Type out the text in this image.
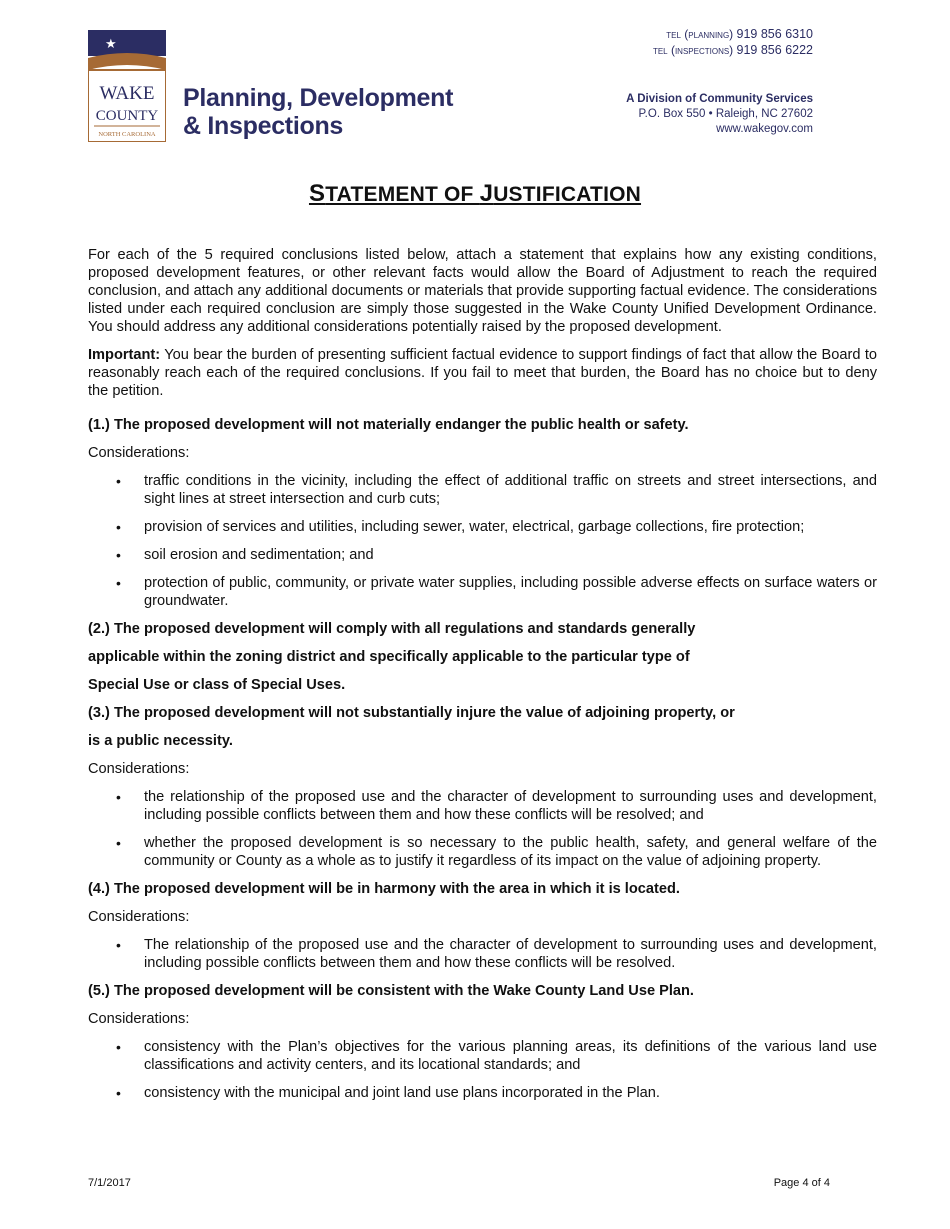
★
WAKE
COUNTY
NORTH CAROLINA
Planning, Development
& Inspections
tel (planning) 919 856 6310
tel (inspections) 919 856 6222
A Division of Community Services
P.O. Box 550 • Raleigh, NC 27602
www.wakegov.com
STATEMENT OF JUSTIFICATION

For each of the 5 required conclusions listed below, attach a statement that explains how any existing conditions, proposed development features, or other relevant facts would allow the Board of Adjustment to reach the required conclusion, and attach any additional documents or materials that provide supporting factual evidence. The considerations listed under each required conclusion are simply those suggested in the Wake County Unified Development Ordinance. You should address any additional considerations potentially raised by the proposed development.

Important: You bear the burden of presenting sufficient factual evidence to support findings of fact that allow the Board to reasonably reach each of the required conclusions. If you fail to meet that burden, the Board has no choice but to deny the petition.

(1.) The proposed development will not materially endanger the public health or safety.

Considerations:

• traffic conditions in the vicinity, including the effect of additional traffic on streets and street intersections, and sight lines at street intersection and curb cuts;
• provision of services and utilities, including sewer, water, electrical, garbage collections, fire protection;
• soil erosion and sedimentation; and
• protection of public, community, or private water supplies, including possible adverse effects on surface waters or groundwater.

(2.) The proposed development will comply with all regulations and standards generally

applicable within the zoning district and specifically applicable to the particular type of

Special Use or class of Special Uses.

(3.) The proposed development will not substantially injure the value of adjoining property, or

is a public necessity.

Considerations:

• the relationship of the proposed use and the character of development to surrounding uses and development, including possible conflicts between them and how these conflicts will be resolved; and
• whether the proposed development is so necessary to the public health, safety, and general welfare of the community or County as a whole as to justify it regardless of its impact on the value of adjoining property.

(4.) The proposed development will be in harmony with the area in which it is located.

Considerations:

• The relationship of the proposed use and the character of development to surrounding uses and development, including possible conflicts between them and how these conflicts will be resolved.

(5.) The proposed development will be consistent with the Wake County Land Use Plan.

Considerations:

• consistency with the Plan’s objectives for the various planning areas, its definitions of the various land use classifications and activity centers, and its locational standards; and
• consistency with the municipal and joint land use plans incorporated in the Plan.
7/1/2017	Page 4 of 4
